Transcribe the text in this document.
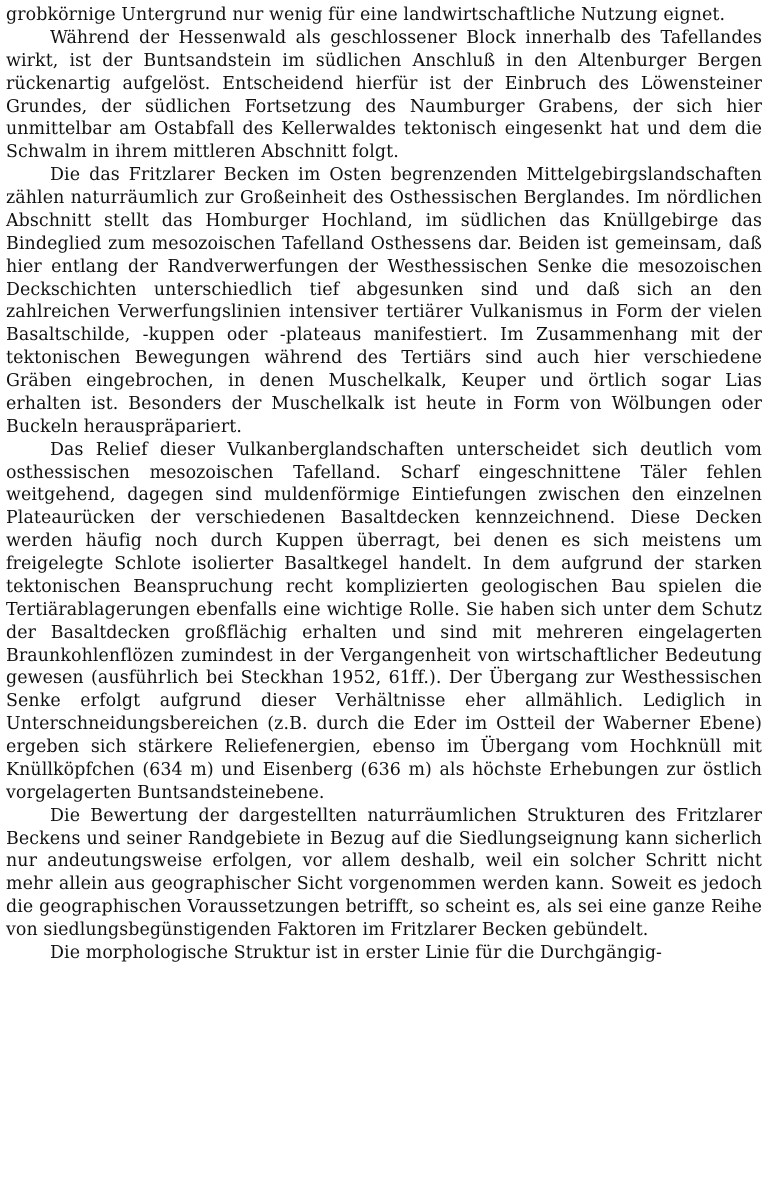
grobkörnige Untergrund nur wenig für eine landwirtschaftliche Nutzung eignet.

Während der Hessenwald als geschlossener Block innerhalb des Tafellandes wirkt, ist der Buntsandstein im südlichen Anschluß in den Altenburger Bergen rückenartig aufgelöst. Entscheidend hierfür ist der Einbruch des Löwensteiner Grundes, der südlichen Fortsetzung des Naumburger Grabens, der sich hier unmittelbar am Ostabfall des Kellerwaldes tektonisch eingesenkt hat und dem die Schwalm in ihrem mittleren Abschnitt folgt.

Die das Fritzlarer Becken im Osten begrenzenden Mittelgebirgslandschaften zählen naturräumlich zur Großeinheit des Osthessischen Berglandes. Im nördlichen Abschnitt stellt das Homburger Hochland, im südlichen das Knüllgebirge das Bindeglied zum mesozoischen Tafelland Osthessens dar. Beiden ist gemeinsam, daß hier entlang der Randverwerfungen der Westhessischen Senke die mesozoischen Deckschichten unterschiedlich tief abgesunken sind und daß sich an den zahlreichen Verwerfungslinien intensiver tertiärer Vulkanismus in Form der vielen Basaltschilde, -kuppen oder -plateaus manifestiert. Im Zusammenhang mit der tektonischen Bewegungen während des Tertiärs sind auch hier verschiedene Gräben eingebrochen, in denen Muschelkalk, Keuper und örtlich sogar Lias erhalten ist. Besonders der Muschelkalk ist heute in Form von Wölbungen oder Buckeln herauspräpariert.

Das Relief dieser Vulkanberglandschaften unterscheidet sich deutlich vom osthessischen mesozoischen Tafelland. Scharf eingeschnittene Täler fehlen weitgehend, dagegen sind muldenförmige Eintiefungen zwischen den einzelnen Plateaurücken der verschiedenen Basaltdecken kennzeichnend. Diese Decken werden häufig noch durch Kuppen überragt, bei denen es sich meistens um freigelegte Schlote isolierter Basaltkegel handelt. In dem aufgrund der starken tektonischen Beanspruchung recht komplizierten geologischen Bau spielen die Tertiärablagerungen ebenfalls eine wichtige Rolle. Sie haben sich unter dem Schutz der Basaltdecken großflächig erhalten und sind mit mehreren eingelagerten Braunkohlenflözen zumindest in der Vergangenheit von wirtschaftlicher Bedeutung gewesen (ausführlich bei Steckhan 1952, 61ff.). Der Übergang zur Westhessischen Senke erfolgt aufgrund dieser Verhältnisse eher allmählich. Lediglich in Unterschneidungsbereichen (z.B. durch die Eder im Ostteil der Waberner Ebene) ergeben sich stärkere Reliefenergien, ebenso im Übergang vom Hochknüll mit Knüllköpfchen (634 m) und Eisenberg (636 m) als höchste Erhebungen zur östlich vorgelagerten Buntsandsteinebene.

Die Bewertung der dargestellten naturräumlichen Strukturen des Fritzlarer Beckens und seiner Randgebiete in Bezug auf die Siedlungseignung kann sicherlich nur andeutungsweise erfolgen, vor allem deshalb, weil ein solcher Schritt nicht mehr allein aus geographischer Sicht vorgenommen werden kann. Soweit es jedoch die geographischen Voraussetzungen betrifft, so scheint es, als sei eine ganze Reihe von siedlungsbegünstigenden Faktoren im Fritzlarer Becken gebündelt.

Die morphologische Struktur ist in erster Linie für die Durchgängig-
